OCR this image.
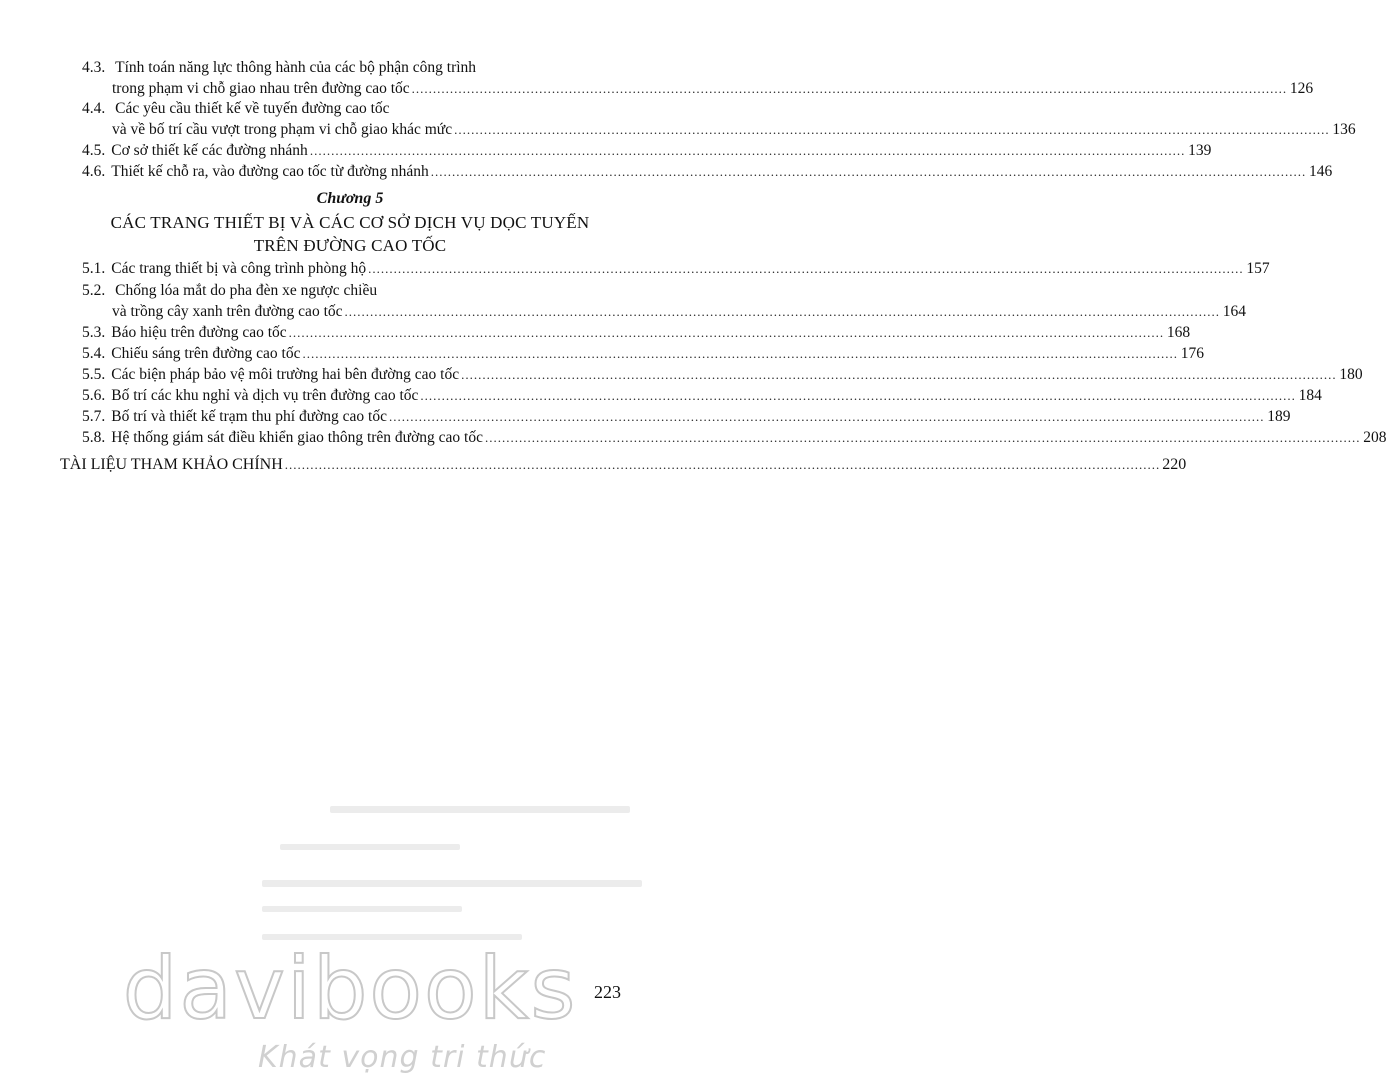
4.3. Tính toán năng lực thông hành của các bộ phận công trình
trong phạm vi chỗ giao nhau trên đường cao tốc .....	126
4.4. Các yêu cầu thiết kế về tuyến đường cao tốc
và về bố trí cầu vượt trong phạm vi chỗ giao khác mức .....	136
4.5. Cơ sở thiết kế các đường nhánh .....	139
4.6. Thiết kế chỗ ra, vào đường cao tốc từ đường nhánh .....	146
Chương 5
CÁC TRANG THIẾT BỊ VÀ CÁC CƠ SỞ DỊCH VỤ DỌC TUYẾN
TRÊN ĐƯỜNG CAO TỐC
5.1. Các trang thiết bị và công trình phòng hộ .....	157
5.2. Chống lóa mắt do pha đèn xe ngược chiều
và trồng cây xanh trên đường cao tốc .....	164
5.3. Báo hiệu trên đường cao tốc .....	168
5.4. Chiếu sáng trên đường cao tốc .....	176
5.5. Các biện pháp bảo vệ môi trường hai bên đường cao tốc .....	180
5.6. Bố trí các khu nghỉ và dịch vụ trên đường cao tốc .....	184
5.7. Bố trí và thiết kế trạm thu phí đường cao tốc .....	189
5.8. Hệ thống giám sát điều khiển giao thông trên đường cao tốc .....	208
TÀI LIỆU THAM KHẢO CHÍNH .....	220
223
davibooks
Khát vọng tri thức
